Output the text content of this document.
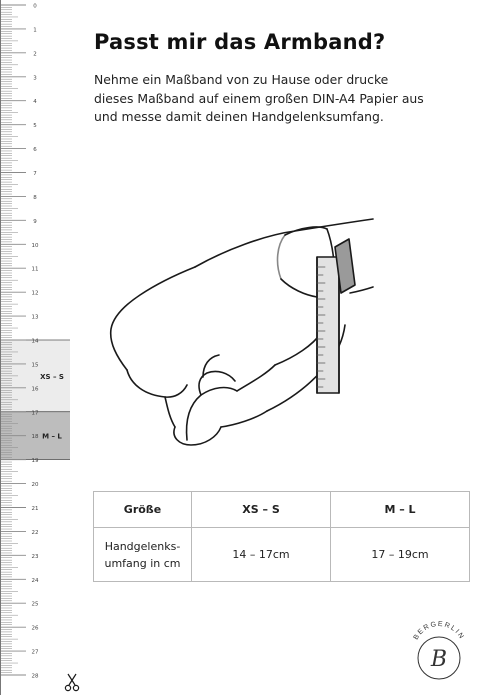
XS – S
M – L
0
1
2
3
4
5
6
7
8
9
10
11
12
13
14
15
16
17
18
19
20
21
22
23
24
25
26
27
28
Passt mir das Armband?

Nehme ein Maßband von zu Hause oder drucke
dieses Maßband auf einem großen DIN-A4 Papier aus
und messe damit deinen Handgelenksumfang.

Größe	XS – S	M – L

Handgelenks-
umfang in cm	14 – 17cm	17 – 19cm
BERGERLIN
B
